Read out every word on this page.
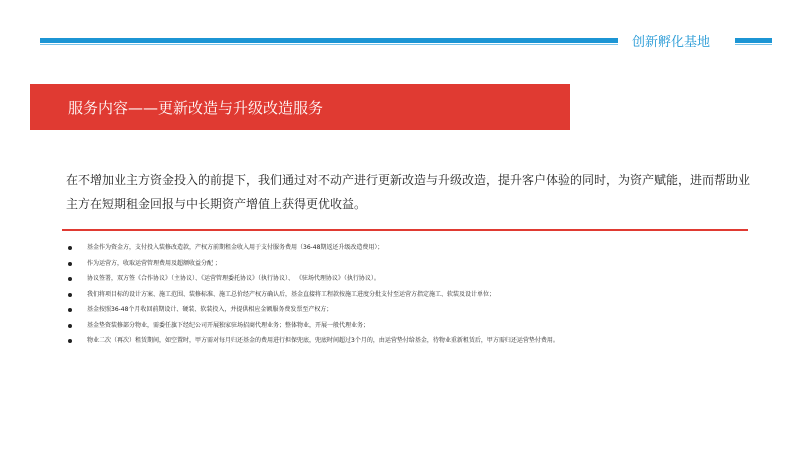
创新孵化基地
服务内容——更新改造与升级改造服务

在不增加业主方资金投入的前提下，我们通过对不动产进行更新改造与升级改造，提升客户体验的同时，为资产赋能，进而帮助业

主方在短期租金回报与中长期资产增值上获得更优收益。

基金作为资金方，支付投入装修改造款，产权方前期租金收入用于支付服务费用（36-48期返还升级改造费用）；
作为运营方，收取运营管理费用及超额收益分配 ；
协议签署，双方签《合作协议》（主协议）、《运营管理委托协议》（执行协议）、 《驻场代理协议》（执行协议）。
我们将项目标的设计方案、施工范围、装修标准、施工总价经产权方确认后，基金直接将工程款按施工进度分批支付至运营方指定施工、软装及设计单位；
基金按照36-48个月收回前期设计、硬装、软装投入，并提供相应金额服务费发票至产权方；
基金垫资装修部分物业，需委任旗下经纪公司开展独家驻场招商代理业务；整体物业，开展一般代理业务；
物业二次（再次）租赁期间，如空置时，甲方需对每月归还基金的费用进行担保兜底，兜底时间超过3个月的，由运营垫付给基金，待物业重新租赁后，甲方需归还运营垫付费用。
